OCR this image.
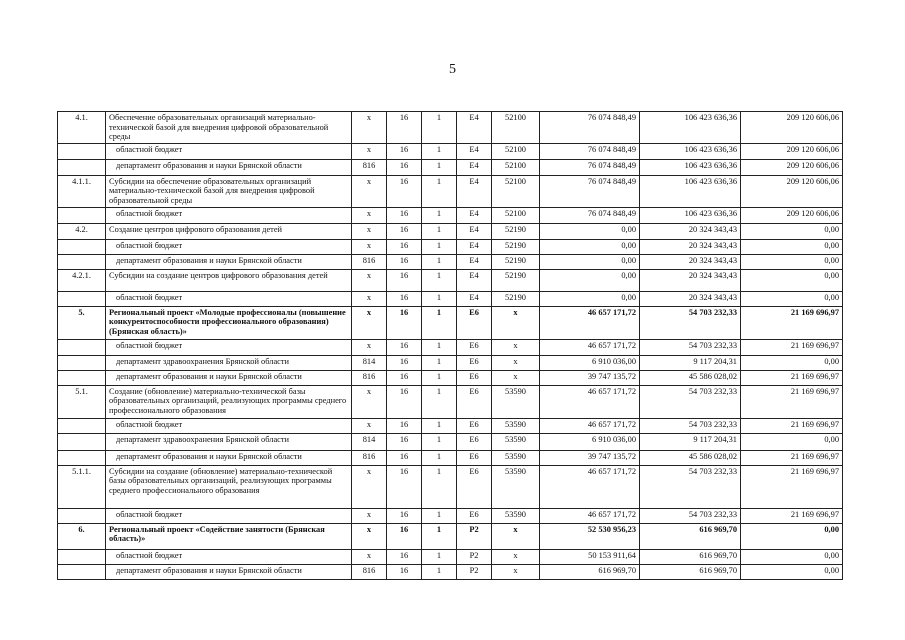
5
4.1.	Обеспечение образовательных организаций материально-технической базой для внедрения цифровой образовательной среды	x	16	1	E4	52100	76 074 848,49	106 423 636,36	209 120 606,06
	областной бюджет	x	16	1	E4	52100	76 074 848,49	106 423 636,36	209 120 606,06
	департамент образования и науки Брянской области	816	16	1	E4	52100	76 074 848,49	106 423 636,36	209 120 606,06
4.1.1.	Субсидии на обеспечение образовательных организаций материально-технической базой для внедрения цифровой образовательной среды	x	16	1	E4	52100	76 074 848,49	106 423 636,36	209 120 606,06
	областной бюджет	x	16	1	E4	52100	76 074 848,49	106 423 636,36	209 120 606,06
4.2.	Создание центров цифрового образования детей	x	16	1	E4	52190	0,00	20 324 343,43	0,00
	областной бюджет	x	16	1	E4	52190	0,00	20 324 343,43	0,00
	департамент образования и науки Брянской области	816	16	1	E4	52190	0,00	20 324 343,43	0,00
4.2.1.	Субсидии на создание центров цифрового образования детей	x	16	1	E4	52190	0,00	20 324 343,43	0,00
	областной бюджет	x	16	1	E4	52190	0,00	20 324 343,43	0,00
5.	Региональный проект «Молодые профессионалы (повышение конкурентоспособности профессионального образования) (Брянская область)»	x	16	1	E6	x	46 657 171,72	54 703 232,33	21 169 696,97
	областной бюджет	x	16	1	E6	x	46 657 171,72	54 703 232,33	21 169 696,97
	департамент здравоохранения Брянской области	814	16	1	E6	x	6 910 036,00	9 117 204,31	0,00
	департамент образования и науки Брянской области	816	16	1	E6	x	39 747 135,72	45 586 028,02	21 169 696,97
5.1.	Создание (обновление) материально-технической базы образовательных организаций, реализующих программы среднего профессионального образования	x	16	1	E6	53590	46 657 171,72	54 703 232,33	21 169 696,97
	областной бюджет	x	16	1	E6	53590	46 657 171,72	54 703 232,33	21 169 696,97
	департамент здравоохранения Брянской области	814	16	1	E6	53590	6 910 036,00	9 117 204,31	0,00
	департамент образования и науки Брянской области	816	16	1	E6	53590	39 747 135,72	45 586 028,02	21 169 696,97
5.1.1.	Субсидии на создание (обновление) материально-технической базы образовательных организаций, реализующих программы среднего профессионального образования	x	16	1	E6	53590	46 657 171,72	54 703 232,33	21 169 696,97
	областной бюджет	x	16	1	E6	53590	46 657 171,72	54 703 232,33	21 169 696,97
6.	Региональный проект «Содействие занятости (Брянская область)»	x	16	1	P2	x	52 530 956,23	616 969,70	0,00
	областной бюджет	x	16	1	P2	x	50 153 911,64	616 969,70	0,00
	департамент образования и науки Брянской области	816	16	1	P2	x	616 969,70	616 969,70	0,00
